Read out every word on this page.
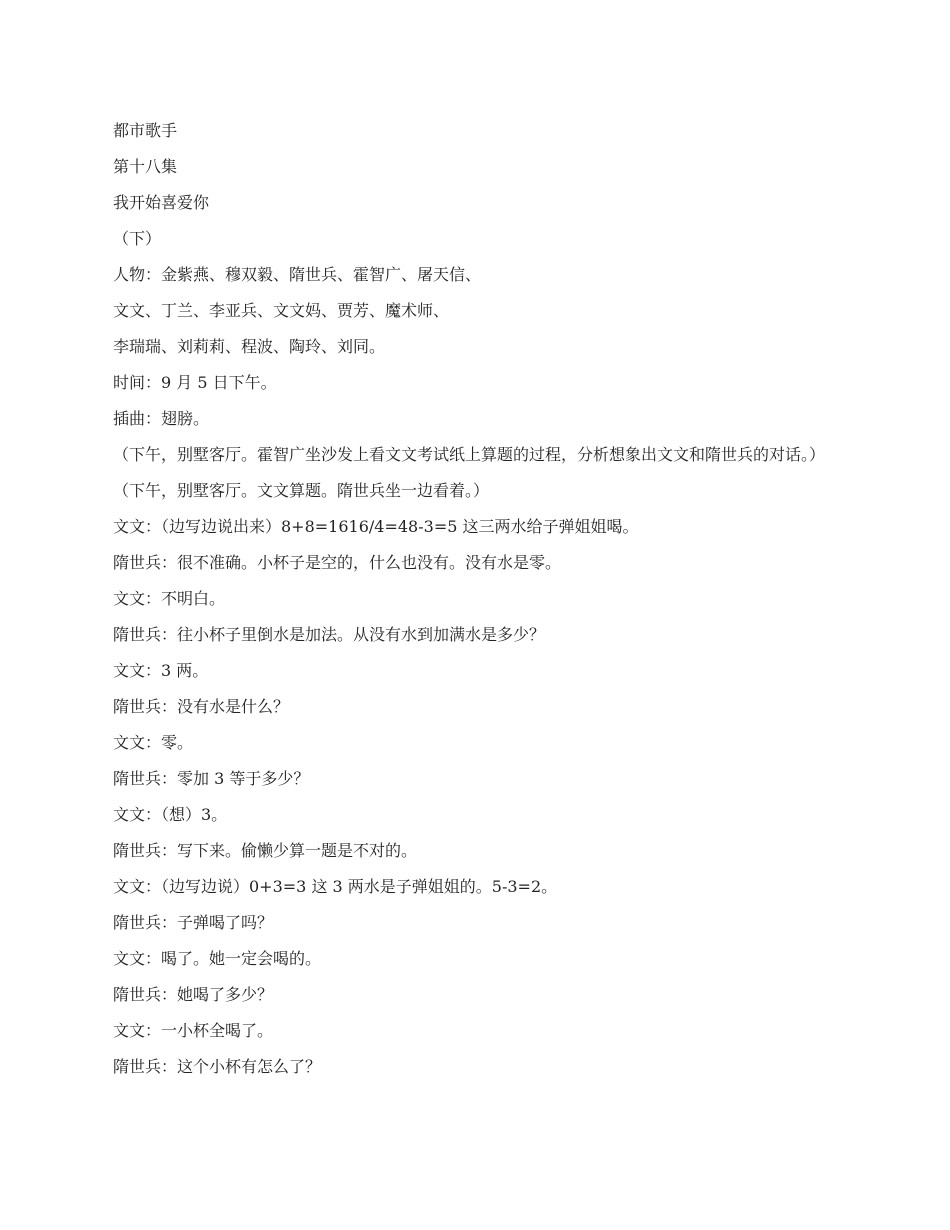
都市歌手

第十八集

我开始喜爱你

（下）

人物：金紫燕、穆双毅、隋世兵、霍智广、屠天信、

文文、丁兰、李亚兵、文文妈、贾芳、魔术师、

李瑞瑞、刘莉莉、程波、陶玲、刘同。

时间：9 月 5 日下午。

插曲：翅膀。

（下午，别墅客厅。霍智广坐沙发上看文文考试纸上算题的过程，分析想象出文文和隋世兵的对话。）

（下午，别墅客厅。文文算题。隋世兵坐一边看着。）

文文：（边写边说出来）8+8=1616/4=48-3=5 这三两水给子弹姐姐喝。

隋世兵：很不准确。小杯子是空的，什么也没有。没有水是零。

文文：不明白。

隋世兵：往小杯子里倒水是加法。从没有水到加满水是多少？

文文：3 两。

隋世兵：没有水是什么？

文文：零。

隋世兵：零加 3 等于多少？

文文：（想）3。

隋世兵：写下来。偷懒少算一题是不对的。

文文：（边写边说）0+3=3 这 3 两水是子弹姐姐的。5-3=2。

隋世兵：子弹喝了吗？

文文：喝了。她一定会喝的。

隋世兵：她喝了多少？

文文：一小杯全喝了。

隋世兵：这个小杯有怎么了？
